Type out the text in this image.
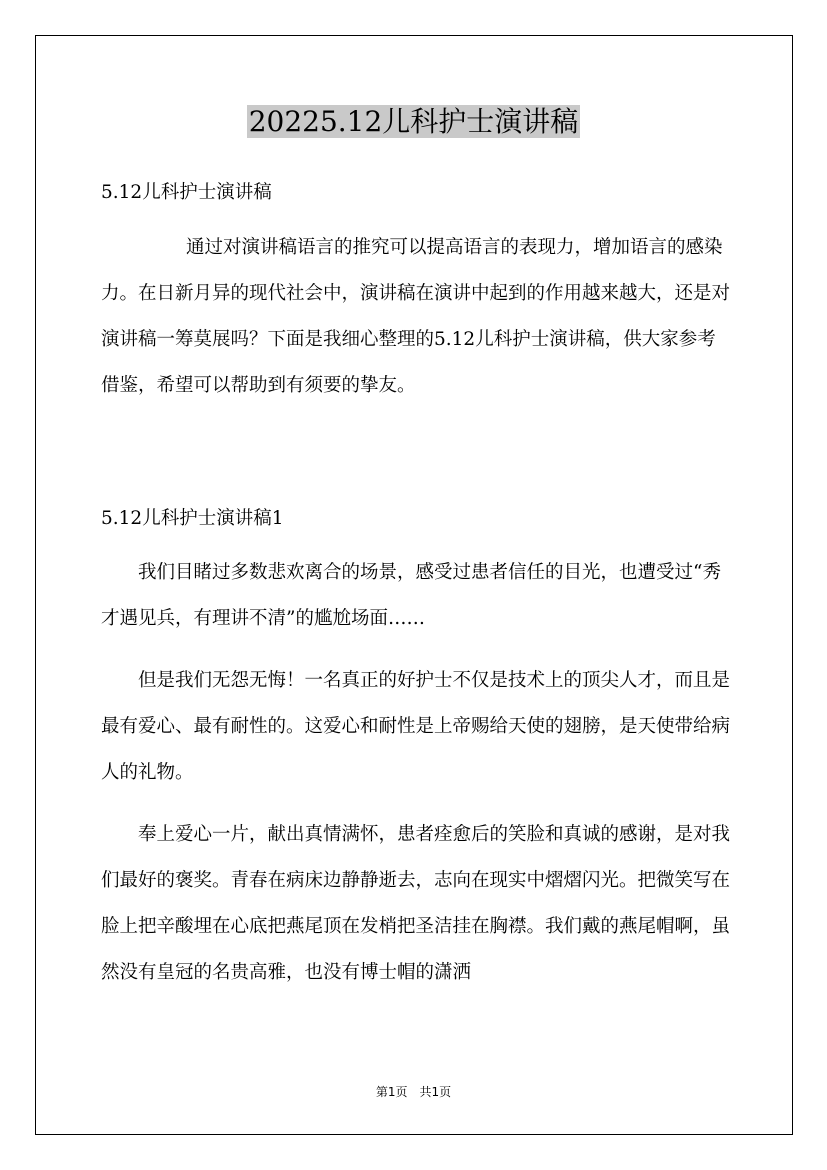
20225.12儿科护士演讲稿

5.12儿科护士演讲稿

通过对演讲稿语言的推究可以提高语言的表现力，增加语言的感染力。在日新月异的现代社会中，演讲稿在演讲中起到的作用越来越大，还是对演讲稿一筹莫展吗？下面是我细心整理的5.12儿科护士演讲稿，供大家参考借鉴，希望可以帮助到有须要的挚友。

5.12儿科护士演讲稿1

我们目睹过多数悲欢离合的场景，感受过患者信任的目光，也遭受过“秀才遇见兵，有理讲不清”的尴尬场面……

但是我们无怨无悔！一名真正的好护士不仅是技术上的顶尖人才，而且是最有爱心、最有耐性的。这爱心和耐性是上帝赐给天使的翅膀，是天使带给病人的礼物。

奉上爱心一片，献出真情满怀，患者痊愈后的笑脸和真诚的感谢，是对我们最好的褒奖。青春在病床边静静逝去，志向在现实中熠熠闪光。把微笑写在脸上把辛酸埋在心底把燕尾顶在发梢把圣洁挂在胸襟。我们戴的燕尾帽啊，虽然没有皇冠的名贵高雅，也没有博士帽的潇洒

第1页　共1页
